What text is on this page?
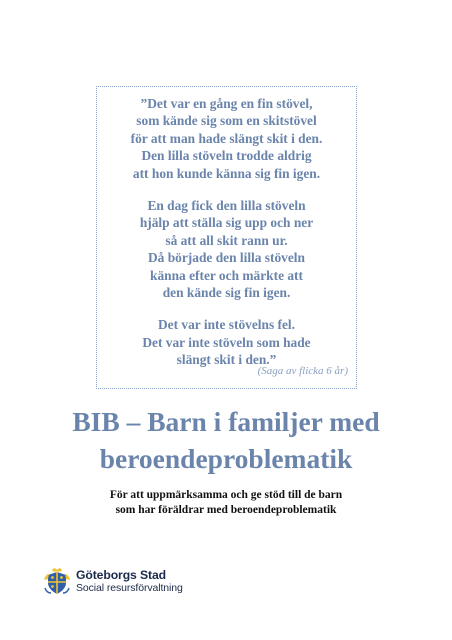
”Det var en gång en fin stövel,
som kände sig som en skitstövel
för att man hade slängt skit i den.
Den lilla stöveln trodde aldrig
att hon kunde känna sig fin igen.

En dag fick den lilla stöveln
hjälp att ställa sig upp och ner
så att all skit rann ur.
Då började den lilla stöveln
känna efter och märkte att
den kände sig fin igen.

Det var inte stövelns fel.
Det var inte stöveln som hade
slängt skit i den.”

(Saga av flicka 6 år)
BIB – Barn i familjer med
beroendeproblematik
För att uppmärksamma och ge stöd till de barn
som har föräldrar med beroendeproblematik
Göteborgs Stad
Social resursförvaltning
